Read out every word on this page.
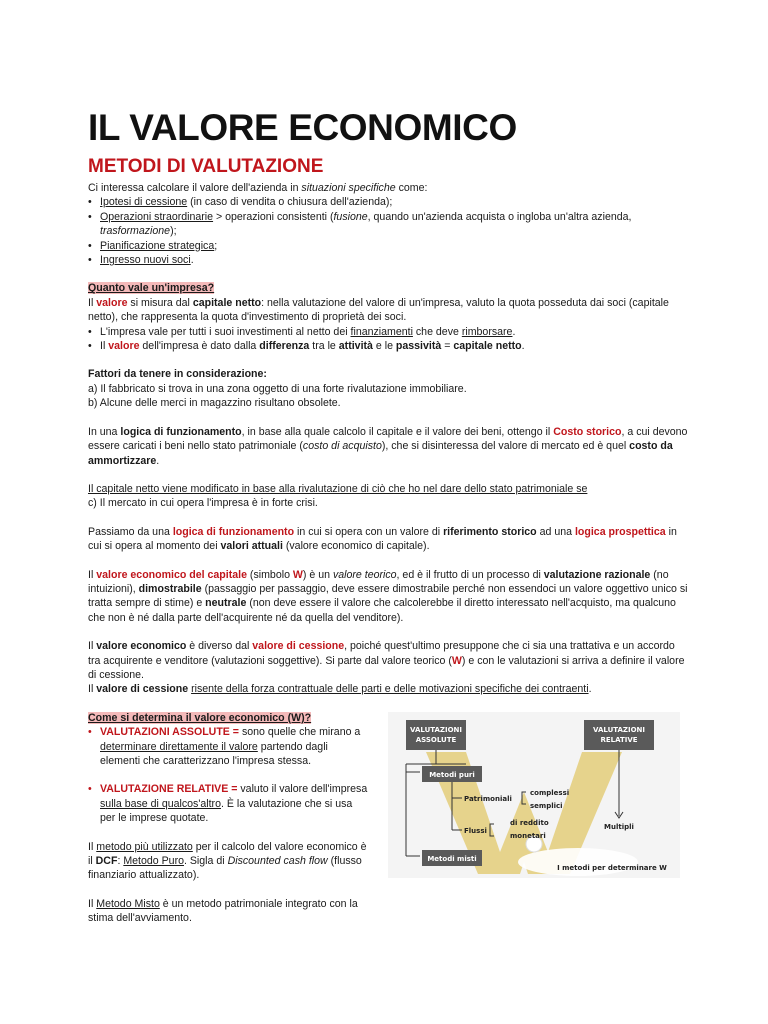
IL VALORE ECONOMICO
METODI DI VALUTAZIONE

Ci interessa calcolare il valore dell'azienda in situazioni specifiche come:

• Ipotesi di cessione (in caso di vendita o chiusura dell'azienda);
• Operazioni straordinarie > operazioni consistenti (fusione, quando un'azienda acquista o ingloba un'altra azienda,
trasformazione);
• Pianificazione strategica;
• Ingresso nuovi soci.

Quanto vale un'impresa?

Il valore si misura dal capitale netto: nella valutazione del valore di un'impresa, valuto la quota posseduta dai soci (capitale netto), che rappresenta la quota d'investimento di proprietà dei soci.

• L'impresa vale per tutti i suoi investimenti al netto dei finanziamenti che deve rimborsare.
• Il valore dell'impresa è dato dalla differenza tra le attività e le passività = capitale netto.

Fattori da tenere in considerazione:

a) Il fabbricato si trova in una zona oggetto di una forte rivalutazione immobiliare.

b) Alcune delle merci in magazzino risultano obsolete.

In una logica di funzionamento, in base alla quale calcolo il capitale e il valore dei beni, ottengo il Costo storico, a cui devono essere caricati i beni nello stato patrimoniale (costo di acquisto), che si disinteressa del valore di mercato ed è quel costo da ammortizzare.

Il capitale netto viene modificato in base alla rivalutazione di ciò che ho nel dare dello stato patrimoniale se

c) Il mercato in cui opera l'impresa è in forte crisi.

Passiamo da una logica di funzionamento in cui si opera con un valore di riferimento storico ad una logica prospettica in cui si opera al momento dei valori attuali (valore economico di capitale).

Il valore economico del capitale (simbolo W) è un valore teorico, ed è il frutto di un processo di valutazione razionale (no intuizioni), dimostrabile (passaggio per passaggio, deve essere dimostrabile perché non essendoci un valore oggettivo unico si tratta sempre di stime) e neutrale (non deve essere il valore che calcolerebbe il diretto interessato nell'acquisto, ma qualcuno che non è né dalla parte dell'acquirente né da quella del venditore).

Il valore economico è diverso dal valore di cessione, poiché quest'ultimo presuppone che ci sia una trattativa e un accordo tra acquirente e venditore (valutazioni soggettive). Si parte dal valore teorico (W) e con le valutazioni si arriva a definire il valore di cessione.

Il valore di cessione risente della forza contrattuale delle parti e delle motivazioni specifiche dei contraenti.

Come si determina il valore economico (W)?

• VALUTAZIONI ASSOLUTE = sono quelle che mirano a determinare direttamente il valore partendo dagli elementi che caratterizzano l'impresa stessa.
• VALUTAZIONE RELATIVE = valuto il valore dell'impresa sulla base di qualcos'altro. È la valutazione che si usa per le imprese quotate.

Il metodo più utilizzato per il calcolo del valore economico è il DCF: Metodo Puro. Sigla di Discounted cash flow (flusso finanziario attualizzato).

Il Metodo Misto è un metodo patrimoniale integrato con la stima dell'avviamento.

VALUTAZIONI
ASSOLUTE
VALUTAZIONI
RELATIVE
Metodi puri
Patrimoniali
complessi
semplici
Flussi
di reddito
monetari
Multipli
Metodi misti
I metodi per determinare W
